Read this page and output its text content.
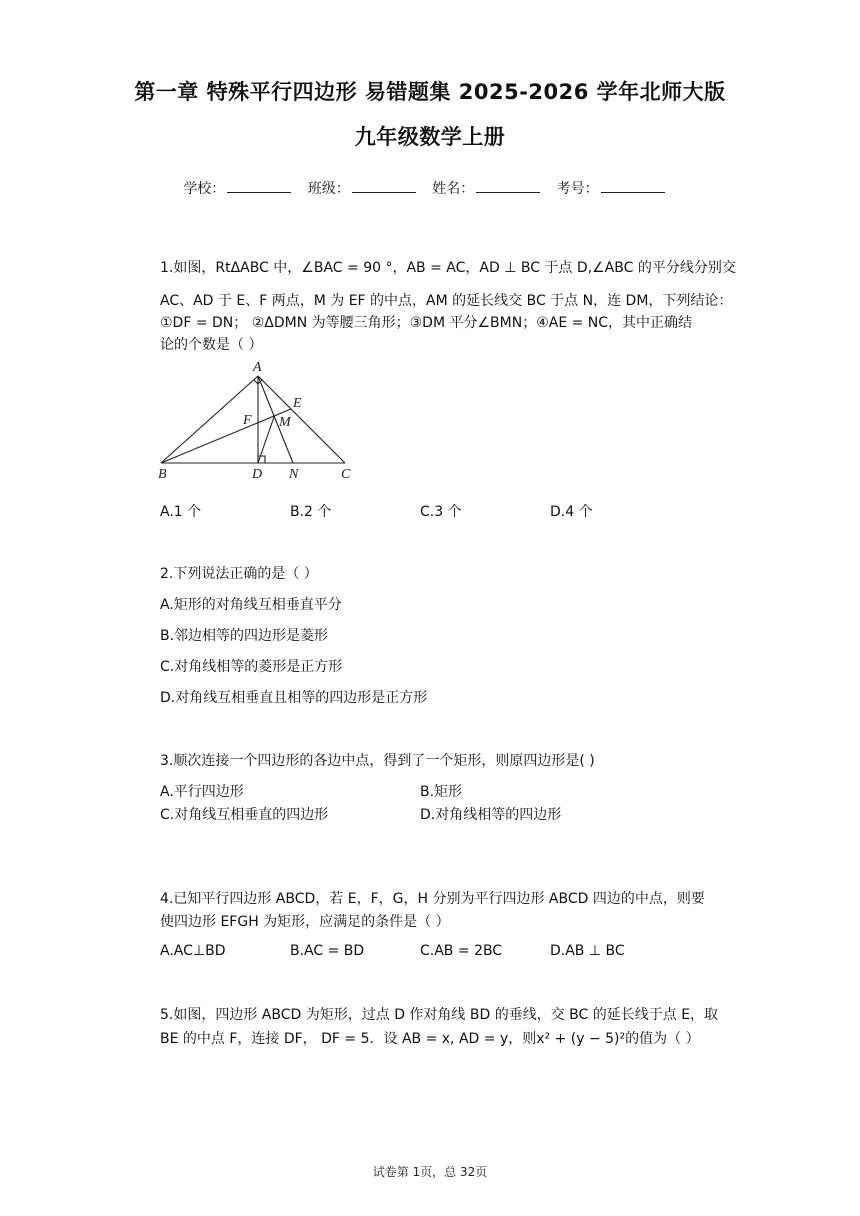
第一章 特殊平行四边形 易错题集 2025-2026 学年北师大版
九年级数学上册
学校：	班级：	姓名：	考号：
1.如图，RtΔABC 中，∠BAC = 90 °，AB = AC，AD ⊥ BC 于点 D,∠ABC 的平分线分别交
AC、AD 于 E、F 两点，M 为 EF 的中点，AM 的延长线交 BC 于点 N，连 DM，下列结论：
①DF = DN； ②ΔDMN 为等腰三角形；③DM 平分∠BMN；④AE = NC，其中正确结
论的个数是（ ）
A
E
F M
B	D N	C
A.1 个	B.2 个	C.3 个	D.4 个
2.下列说法正确的是（ ）
A.矩形的对角线互相垂直平分
B.邻边相等的四边形是菱形
C.对角线相等的菱形是正方形
D.对角线互相垂直且相等的四边形是正方形
3.顺次连接一个四边形的各边中点，得到了一个矩形，则原四边形是( )
A.平行四边形	B.矩形
C.对角线互相垂直的四边形	D.对角线相等的四边形
4.已知平行四边形 ABCD，若 E，F，G，H 分别为平行四边形 ABCD 四边的中点，则要
使四边形 EFGH 为矩形，应满足的条件是（ ）
A.AC⊥BD	B.AC = BD	C.AB = 2BC	D.AB ⊥ BC
5.如图，四边形 ABCD 为矩形，过点 D 作对角线 BD 的垂线，交 BC 的延长线于点 E，取
BE 的中点 F，连接 DF， DF = 5．设 AB = x, AD = y，则x² + (y − 5)²的值为（ ）
试卷第 1页，总 32页
